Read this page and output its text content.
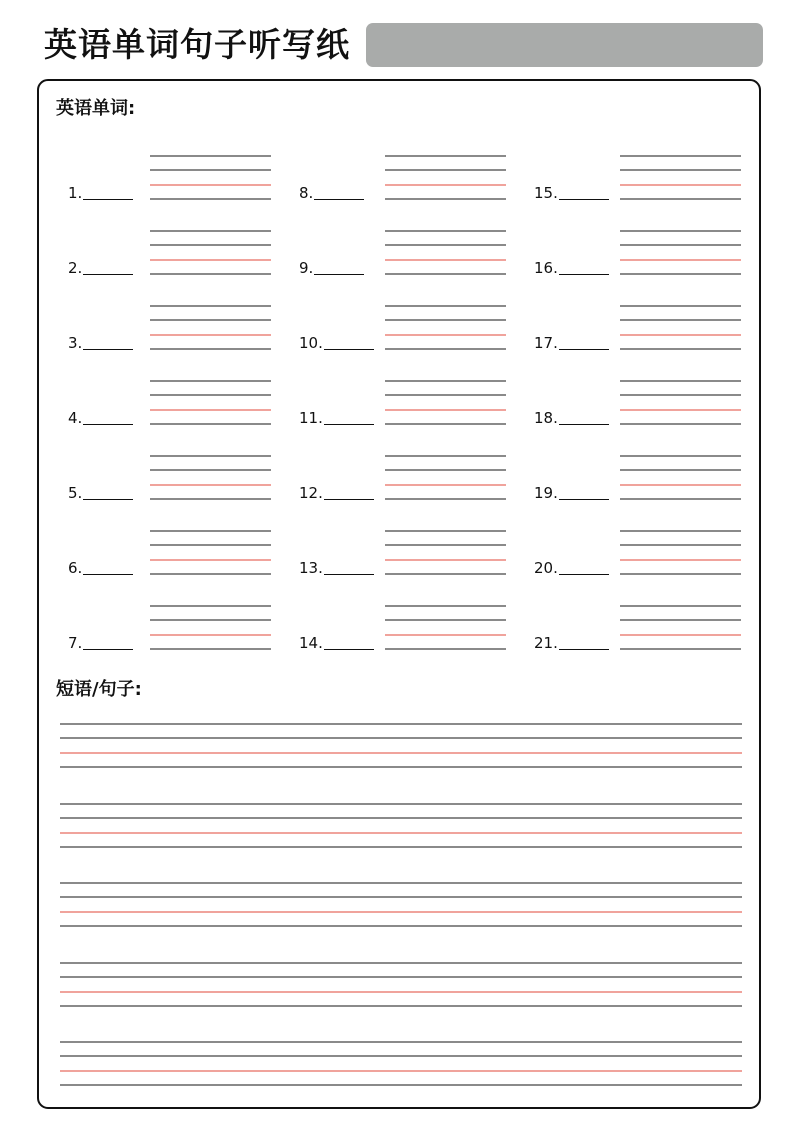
英语单词句子听写纸
英语单词:
1.
2.
3.
4.
5.
6.
7.
8.
9.
10.
11.
12.
13.
14.
15.
16.
17.
18.
19.
20.
21.
短语/句子:
